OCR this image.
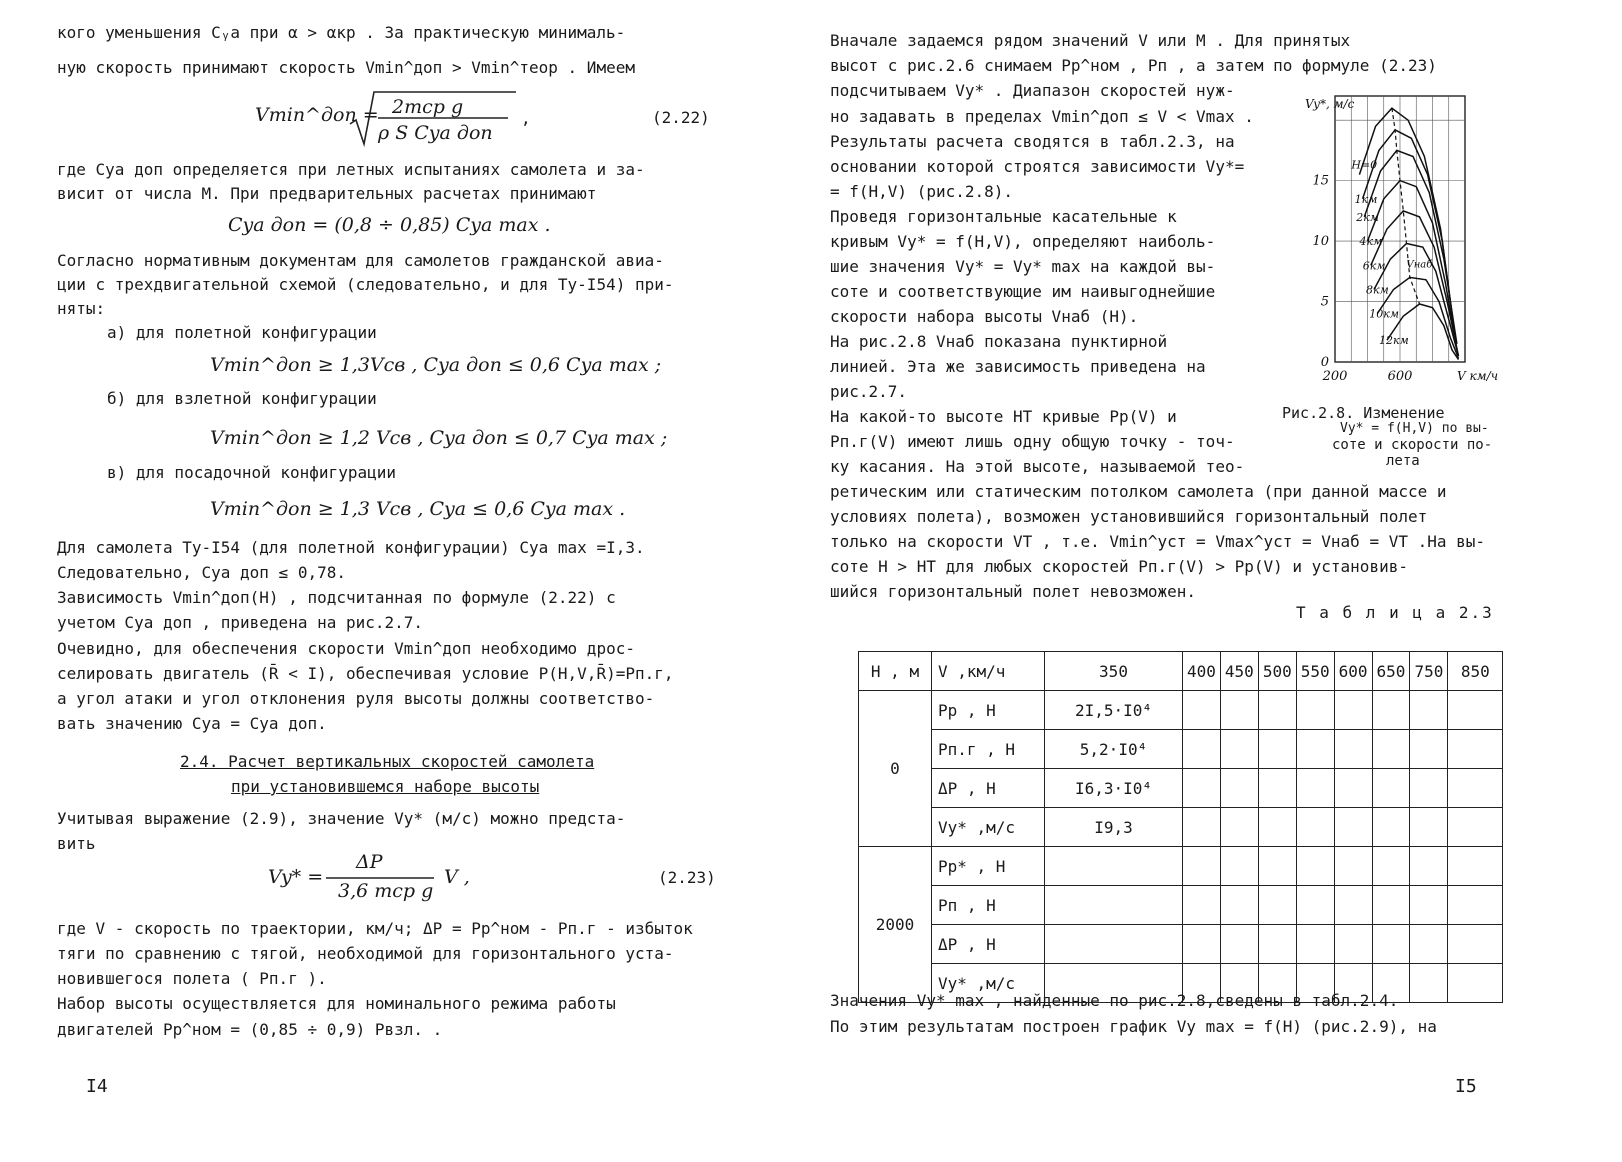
кого уменьшения Cᵧa при α > αкр . За практическую минималь-
ную скорость принимают скорость Vmin^доп > Vmin^теор . Имеем
Vmin^доп = 2mср g
ρ S Cya доп
,	(2.22)
где Cya доп определяется при летных испытаниях самолета и за-
висит от числа M. При предварительных расчетах принимают
Cya доп = (0,8 ÷ 0,85) Cya max .
Согласно нормативным документам для самолетов гражданской авиа-
ции с трехдвигательной схемой (следовательно, и для Ту-I54) при-
няты:
а) для полетной конфигурации
Vmin^доп ≥ 1,3Vсв , Cya доп ≤ 0,6 Cya max ;
б) для взлетной конфигурации
Vmin^доп ≥ 1,2 Vсв , Cya доп ≤ 0,7 Cya max ;
в) для посадочной конфигурации
Vmin^доп ≥ 1,3 Vсв , Cya ≤ 0,6 Cya max .
Для самолета Ту-I54 (для полетной конфигурации) Cya max =I,3.
Следовательно, Cya доп ≤ 0,78.
Зависимость Vmin^доп(H) , подсчитанная по формуле (2.22) с
учетом Cya доп , приведена на рис.2.7.
Очевидно, для обеспечения скорости Vmin^доп необходимо дрос-
селировать двигатель (R̄ < I), обеспечивая условие P(H,V,R̄)=Pп.г,
а угол атаки и угол отклонения руля высоты должны соответство-
вать значению Cya = Cya доп.
2.4. Расчет вертикальных скоростей самолета
при установившемся наборе высоты
Учитывая выражение (2.9), значение Vy* (м/с) можно предста-
вить
Vy* =
ΔP
3,6 mср g
V ,	(2.23)
где V - скорость по траектории, км/ч; ΔP = Pp^ном - Pп.г - избыток
тяги по сравнению с тягой, необходимой для горизонтального уста-
новившегося полета ( Pп.г ).
Набор высоты осуществляется для номинального режима работы
двигателей Pp^ном = (0,85 ÷ 0,9) Pвзл. .
I4
Вначале задаемся рядом значений V или M . Для принятых
высот с рис.2.6 снимаем Pp^ном , Pп , а затем по формуле (2.23)
подсчитываем Vy* . Диапазон скоростей нуж-
но задавать в пределах Vmin^доп ≤ V < Vmax .
Результаты расчета сводятся в табл.2.3, на
основании которой строятся зависимости Vy*=
= f(H,V) (рис.2.8).
Проведя горизонтальные касательные к
кривым Vy* = f(H,V), определяют наиболь-
шие значения Vy* = Vy* max на каждой вы-
соте и соответствующие им наивыгоднейшие
скорости набора высоты Vнаб (H).
На рис.2.8 Vнаб показана пунктирной
линией. Эта же зависимость приведена на
рис.2.7.
На какой-то высоте HT кривые Pp(V) и
Pп.г(V) имеют лишь одну общую точку - точ-
ку касания. На этой высоте, называемой тео-
ретическим или статическим потолком самолета (при данной массе и
условиях полета), возможен установившийся горизонтальный полет
только на скорости VT , т.е. Vmin^уст = Vmax^уст = Vнаб = VT .На вы-
соте H > HT для любых скоростей Pп.г(V) > Pp(V) и установив-
шийся горизонтальный полет невозможен.
H=0
1км
2км
4км
6км
8км
10км
12км
Vнаб
0
5
10
15
200	600	V км/ч
Vy*, м/с
Рис.2.8. Изменение
Vy* = f(H,V) по вы-
соте и скорости по-
лета
Т а б л и ц а 2.3
H , м	V ,км/ч	350	400	450	500	550	600	650	750	850
0	Pp , H	2I,5·I0⁴								
	Pп.г , H	5,2·I0⁴								
	ΔP , H	I6,3·I0⁴								
	Vy* ,м/с	I9,3								
2000	Pp* , H									
	Pп , H									
	ΔP , H									
	Vy* ,м/с									
Значения Vy* max , найденные по рис.2.8,сведены в табл.2.4.
По этим результатам построен график Vy max = f(H) (рис.2.9), на
I5
